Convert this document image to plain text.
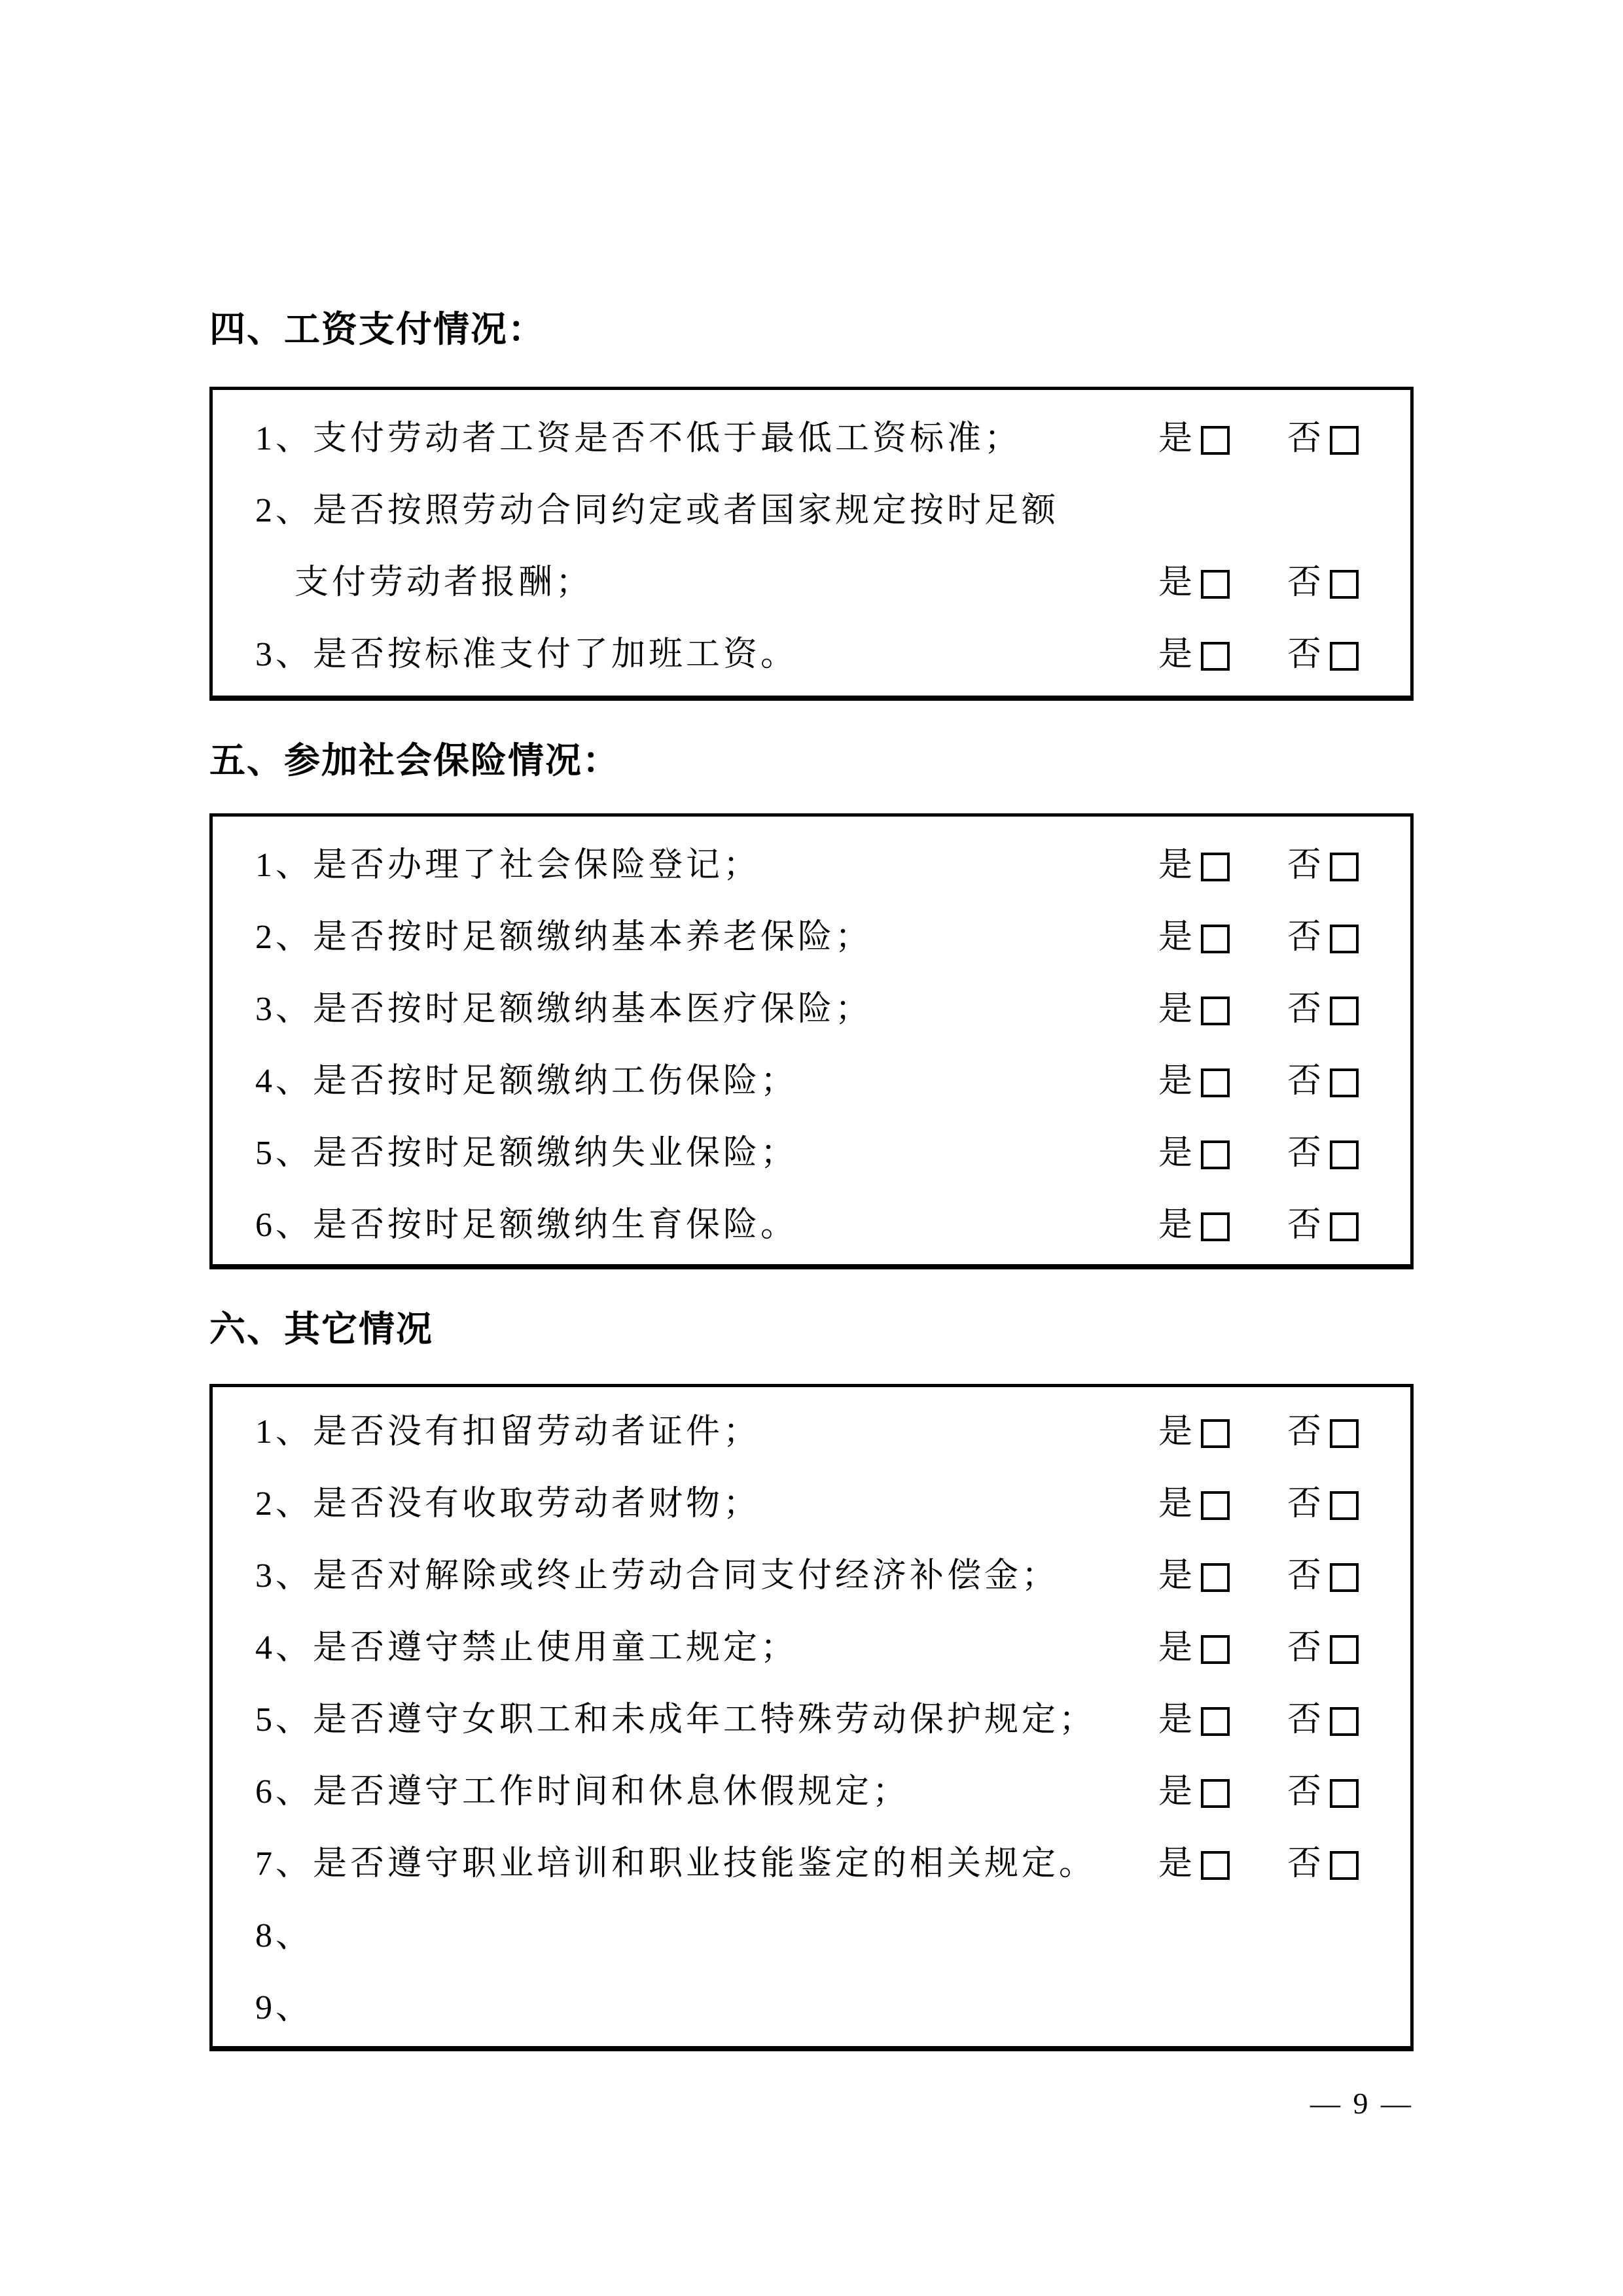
四、工资支付情况：
1、支付劳动者工资是否不低于最低工资标准；	是	否
2、是否按照劳动合同约定或者国家规定按时足额
支付劳动者报酬；	是	否
3、是否按标准支付了加班工资。	是	否
五、参加社会保险情况：
1、是否办理了社会保险登记；	是	否
2、是否按时足额缴纳基本养老保险；	是	否
3、是否按时足额缴纳基本医疗保险；	是	否
4、是否按时足额缴纳工伤保险；	是	否
5、是否按时足额缴纳失业保险；	是	否
6、是否按时足额缴纳生育保险。	是	否
六、其它情况
1、是否没有扣留劳动者证件；	是	否
2、是否没有收取劳动者财物；	是	否
3、是否对解除或终止劳动合同支付经济补偿金；	是	否
4、是否遵守禁止使用童工规定；	是	否
5、是否遵守女职工和未成年工特殊劳动保护规定；	是	否
6、是否遵守工作时间和休息休假规定；	是	否
7、是否遵守职业培训和职业技能鉴定的相关规定。	是	否
8、
9、
— 9 —
